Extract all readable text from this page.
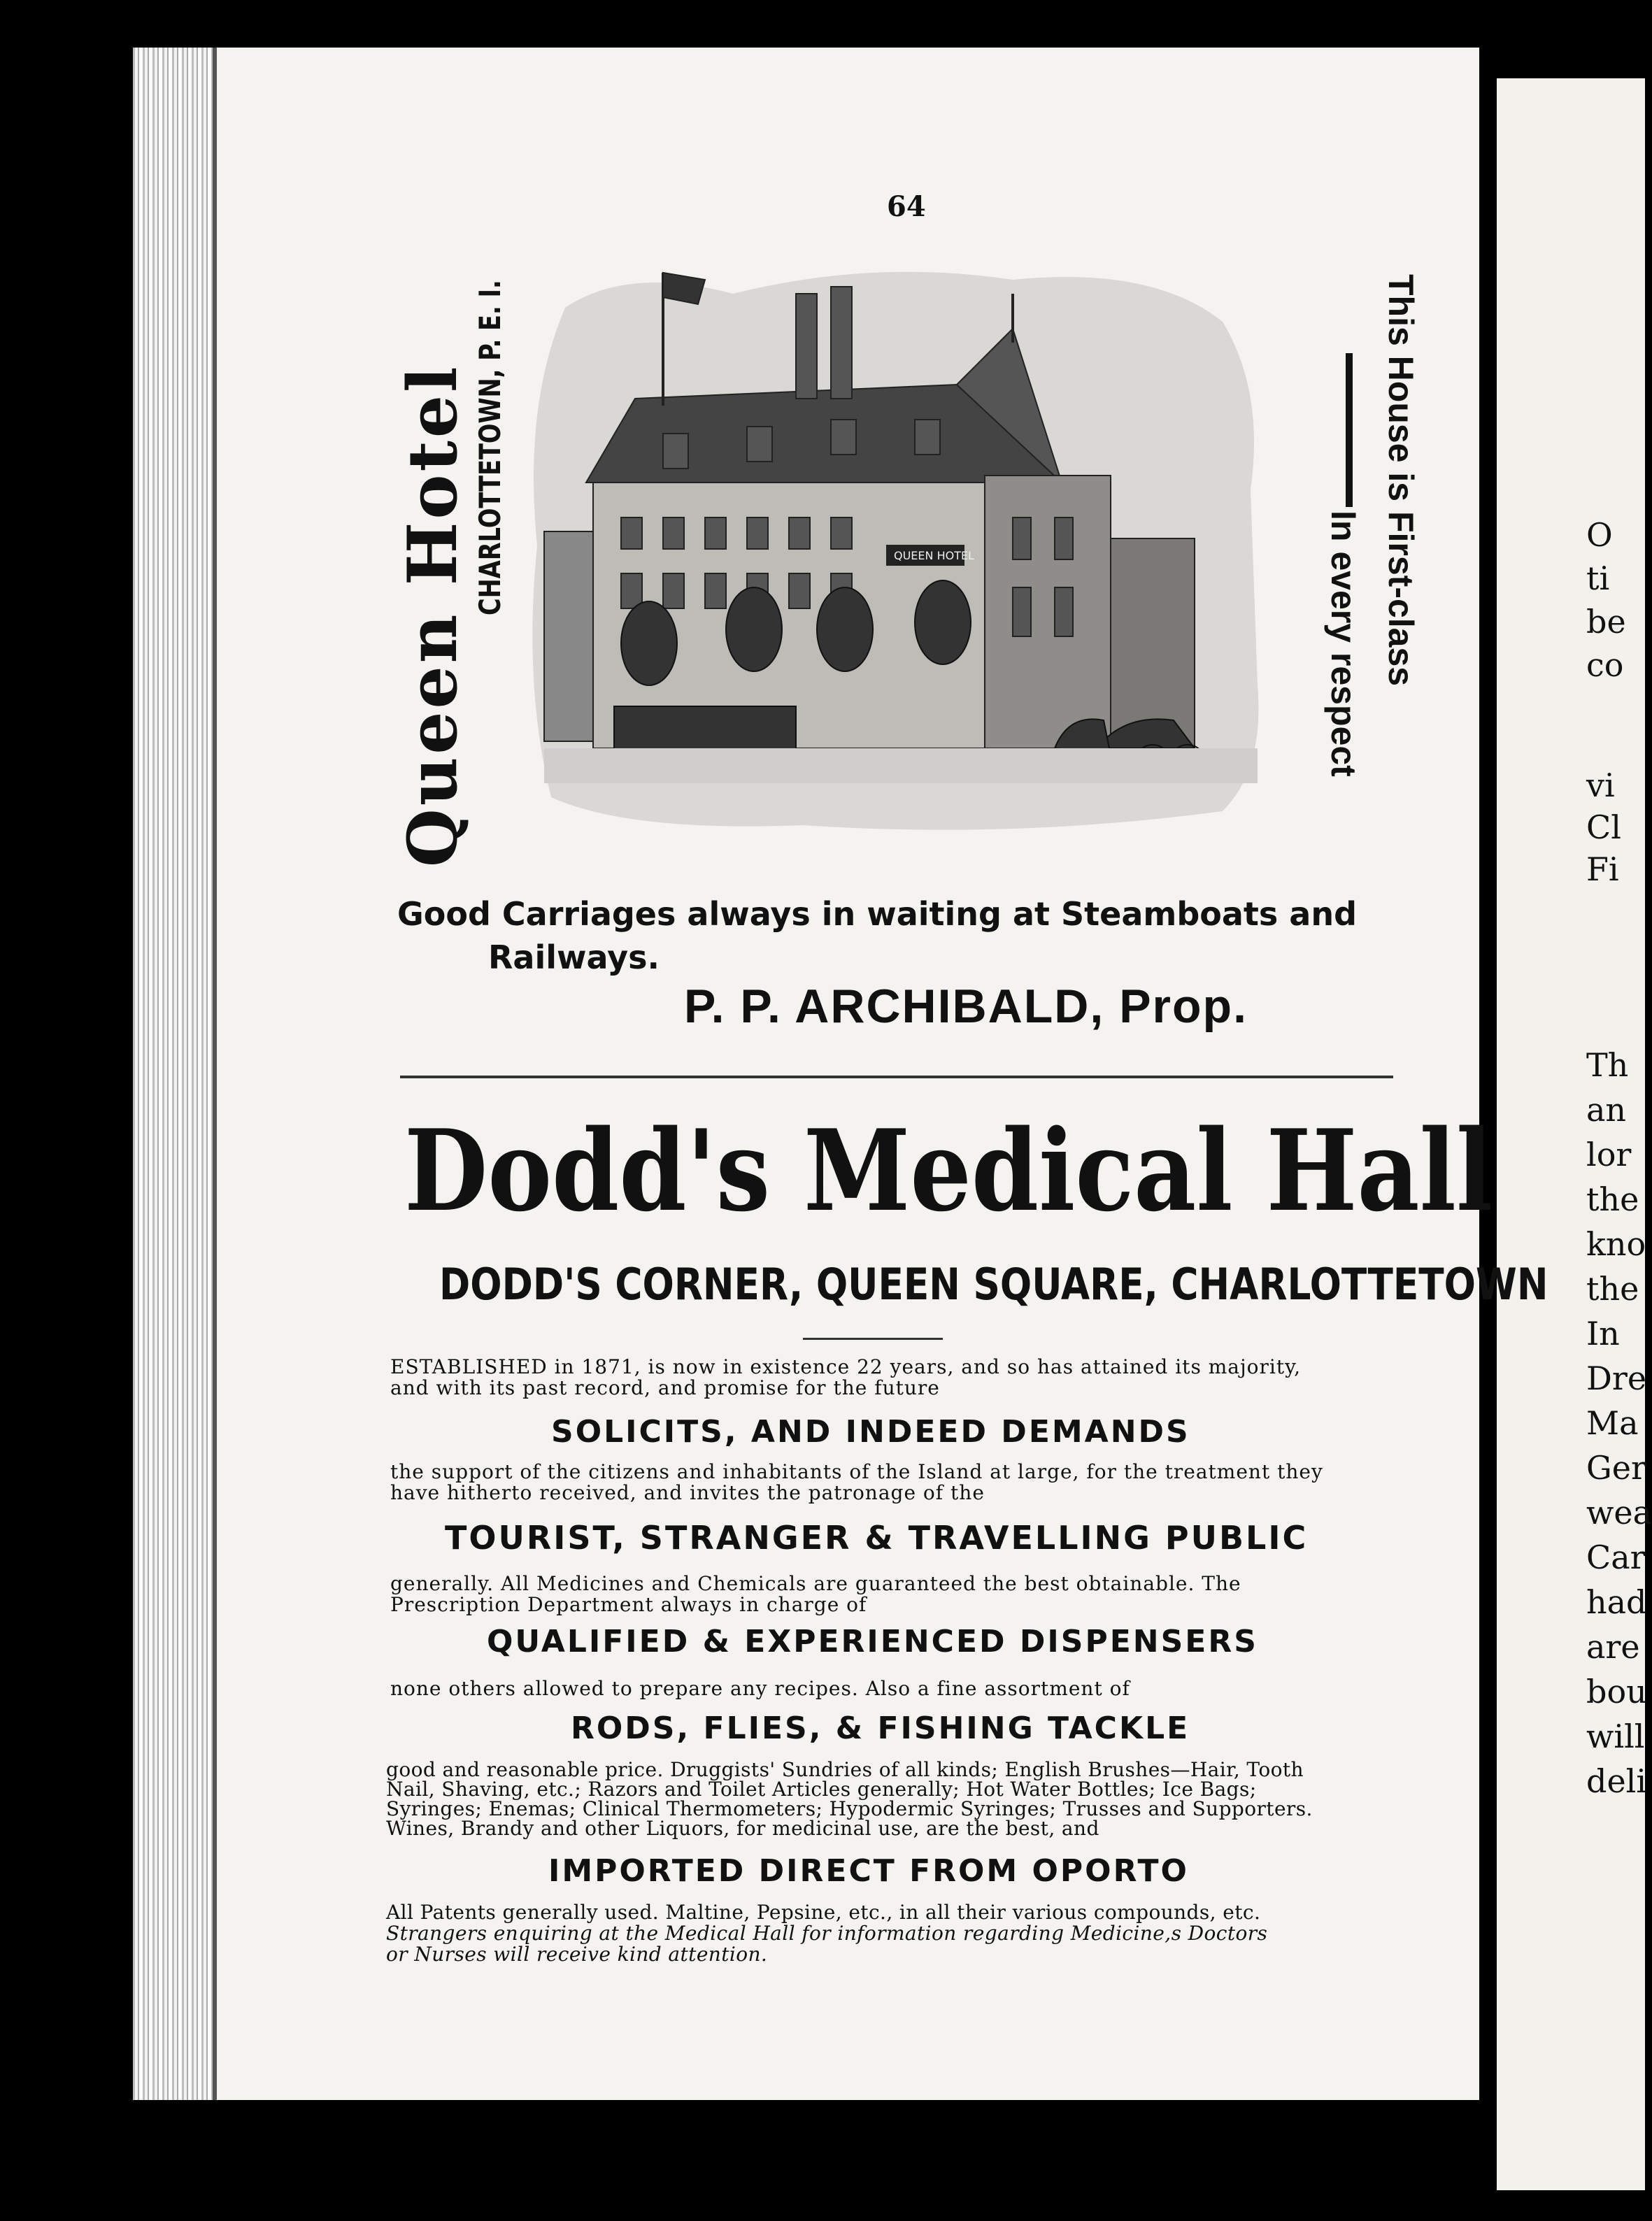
64
Queen Hotel CHARLOTTETOWN, P. E. I.	QUEEN HOTEL	This House is First-class
In every respect
Good Carriages always in waiting at Steamboats and
Railways.
P. P. ARCHIBALD, Prop.
Dodd's Medical Hall
DODD'S CORNER, QUEEN SQUARE, CHARLOTTETOWN
ESTABLISHED in 1871, is now in existence 22 years, and so has attained its majority,
and with its past record, and promise for the future
SOLICITS, AND INDEED DEMANDS
the support of the citizens and inhabitants of the Island at large, for the treatment they
have hitherto received, and invites the patronage of the
TOURIST, STRANGER & TRAVELLING PUBLIC
generally. All Medicines and Chemicals are guaranteed the best obtainable. The
Prescription Department always in charge of
QUALIFIED & EXPERIENCED DISPENSERS
none others allowed to prepare any recipes. Also a fine assortment of
RODS, FLIES, & FISHING TACKLE
good and reasonable price. Druggists' Sundries of all kinds; English Brushes—Hair, Tooth
Nail, Shaving, etc.; Razors and Toilet Articles generally; Hot Water Bottles; Ice Bags;
Syringes; Enemas; Clinical Thermometers; Hypodermic Syringes; Trusses and Supporters.
Wines, Brandy and other Liquors, for medicinal use, are the best, and
IMPORTED DIRECT FROM OPORTO
All Patents generally used. Maltine, Pepsine, etc., in all their various compounds, etc.
Strangers enquiring at the Medical Hall for information regarding Medicine,s Doctors
or Nurses will receive kind attention.
O
ti
be
co
vi
Cl
Fi
Th
an
lor
the
kno
the
In
Dre
Ma
Ger
wea
Car
had
are
bou
will
deli
